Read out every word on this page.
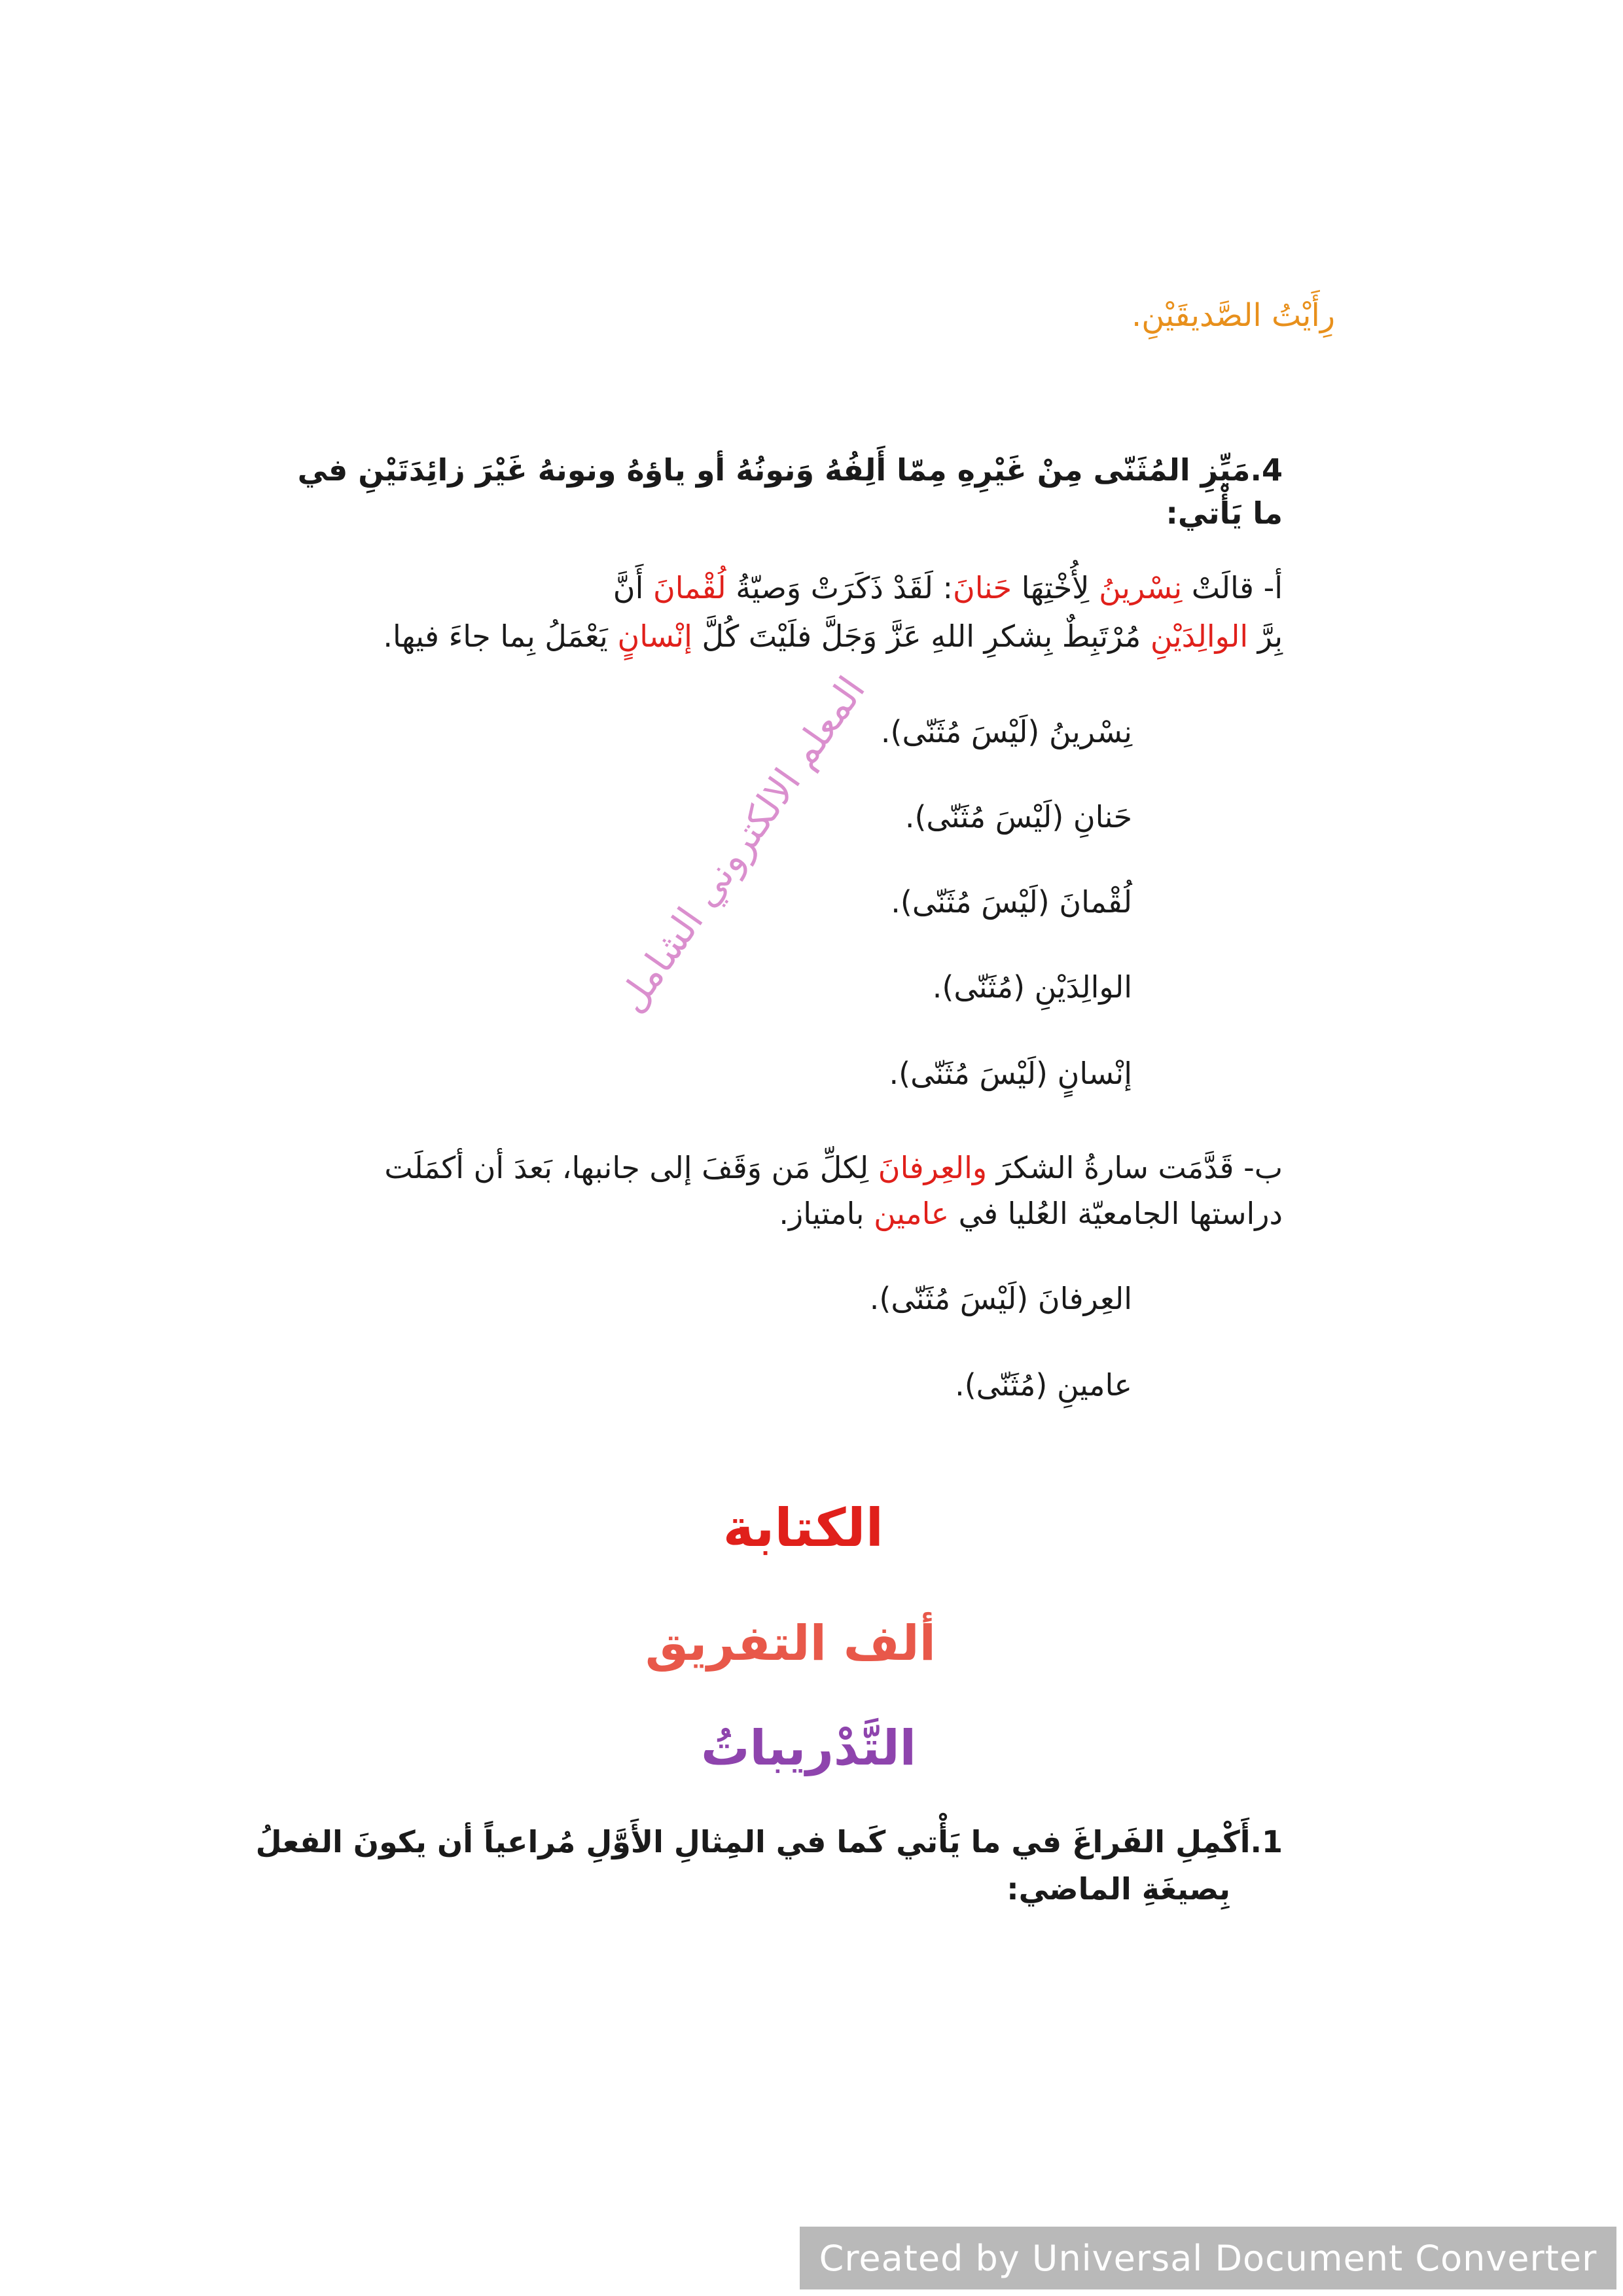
رِأَيْتُ الصَّديقَيْنِ.
4.مَيِّزِ المُثَنّى مِنْ غَيْرِهِ مِمّا أَلِفُهُ وَنونُهُ أو ياؤهُ ونونهُ غَيْرَ زائِدَتَيْنِ في
ما يَأْتي:
أ- قالَتْ نِسْرينُ لِأُخْتِهَا حَنانَ: لَقَدْ ذَكَرَتْ وَصيّةُ لُقْمانَ أَنَّ
بِرَّ الوالِدَيْنِ مُرْتَبِطٌ بِشكرِ اللهِ عَزَّ وَجَلَّ فلَيْتَ كُلَّ إنْسانٍ يَعْمَلُ بِما جاءَ فيها.
نِسْرينُ (لَيْسَ مُثَنّى).
حَنانِ (لَيْسَ مُثَنّى).
لُقْمانَ (لَيْسَ مُثَنّى).
الوالِدَيْنِ (مُثَنّى).
إنْسانٍ (لَيْسَ مُثَنّى).
ب- قَدَّمَت سارةُ الشكرَ والعِرفانَ لِكلِّ مَن وَقَفَ إلى جانبها، بَعدَ أن أكمَلَت
دراستها الجامعيّة العُليا في عامين بامتياز.
العِرفانَ (لَيْسَ مُثَنّى).
عامينِ (مُثَنّى).
الكتابة
ألف التفريق
التَّدْريباتُ
1.أَكْمِلِ الفَراغَ في ما يَأْتي كَما في المِثالِ الأَوَّلِ مُراعياً أن يكونَ الفعلُ
بِصيغَةِ الماضي:
المعلم الالكتروني الشامل
Created by Universal Document Converter
